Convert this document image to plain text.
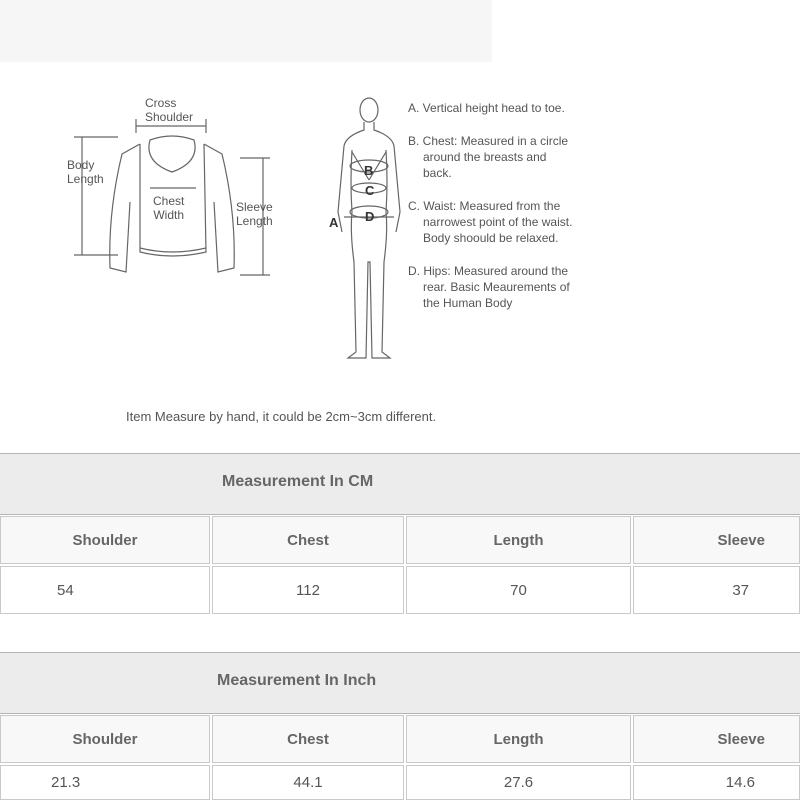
Cross
Shoulder
Body
Length
Chest
Width
Sleeve
Length	A
B
C
D
A. Vertical height head to toe.
B. Chest: Measured in a circle around the breasts and back.
C. Waist: Measured from the narrowest point of the waist. Body shoould be relaxed.
D. Hips: Measured around the rear. Basic Meaurements of the Human Body
Item Measure by hand, it could be 2cm~3cm different.
Measurement In CM
Shoulder	Chest	Length	Sleeve
54	112	70	37
Measurement In Inch
Shoulder	Chest	Length	Sleeve
21.3	44.1	27.6	14.6
